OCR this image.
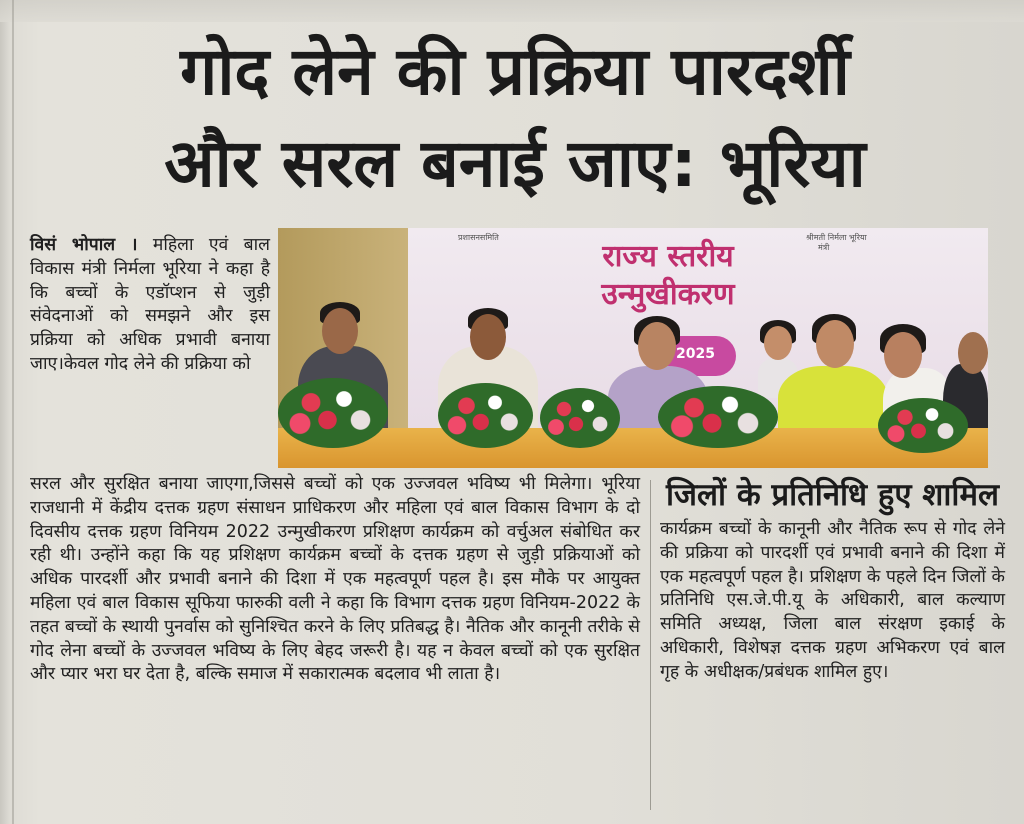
गोद लेने की प्रक्रिया पारदर्शी
और सरल बनाई जाए: भूरिया
विसं भोपाल । महिला एवं बाल विकास मंत्री निर्मला भूरिया ने कहा है कि बच्चों के एडॉप्शन से जुड़ी संवेदनाओं को समझने और इस प्रक्रिया को अधिक प्रभावी बनाया जाए।केवल गोद लेने की प्रक्रिया को
राज्य स्तरीय उन्मुखीकरण
2025
प्रशासनसमिति	श्रीमती निर्मला भूरिया
मंत्री
सरल और सुरक्षित बनाया जाएगा,जिससे बच्चों को एक उज्जवल भविष्य भी मिलेगा। भूरिया राजधानी में केंद्रीय दत्तक ग्रहण संसाधन प्राधिकरण और महिला एवं बाल विकास विभाग के दो दिवसीय दत्तक ग्रहण विनियम 2022 उन्मुखीकरण प्रशिक्षण कार्यक्रम को वर्चुअल संबोधित कर रही थी। उन्होंने कहा कि यह प्रशिक्षण कार्यक्रम बच्चों के दत्तक ग्रहण से जुड़ी प्रक्रियाओं को अधिक पारदर्शी और प्रभावी बनाने की दिशा में एक महत्वपूर्ण पहल है। इस मौके पर आयुक्त महिला एवं बाल विकास सूफिया फारुकी वली ने कहा कि विभाग दत्तक ग्रहण विनियम-2022 के तहत बच्चों के स्थायी पुनर्वास को सुनिश्चित करने के लिए प्रतिबद्ध है। नैतिक और कानूनी तरीके से गोद लेना बच्चों के उज्जवल भविष्य के लिए बेहद जरूरी है। यह न केवल बच्चों को एक सुरक्षित और प्यार भरा घर देता है, बल्कि समाज में सकारात्मक बदलाव भी लाता है।
जिलों के प्रतिनिधि हुए शामिल
कार्यक्रम बच्चों के कानूनी और नैतिक रूप से गोद लेने की प्रक्रिया को पारदर्शी एवं प्रभावी बनाने की दिशा में एक महत्वपूर्ण पहल है। प्रशिक्षण के पहले दिन जिलों के प्रतिनिधि एस.जे.पी.यू के अधिकारी, बाल कल्याण समिति अध्यक्ष, जिला बाल संरक्षण इकाई के अधिकारी, विशेषज्ञ दत्तक ग्रहण अभिकरण एवं बाल गृह के अधीक्षक/प्रबंधक शामिल हुए।
